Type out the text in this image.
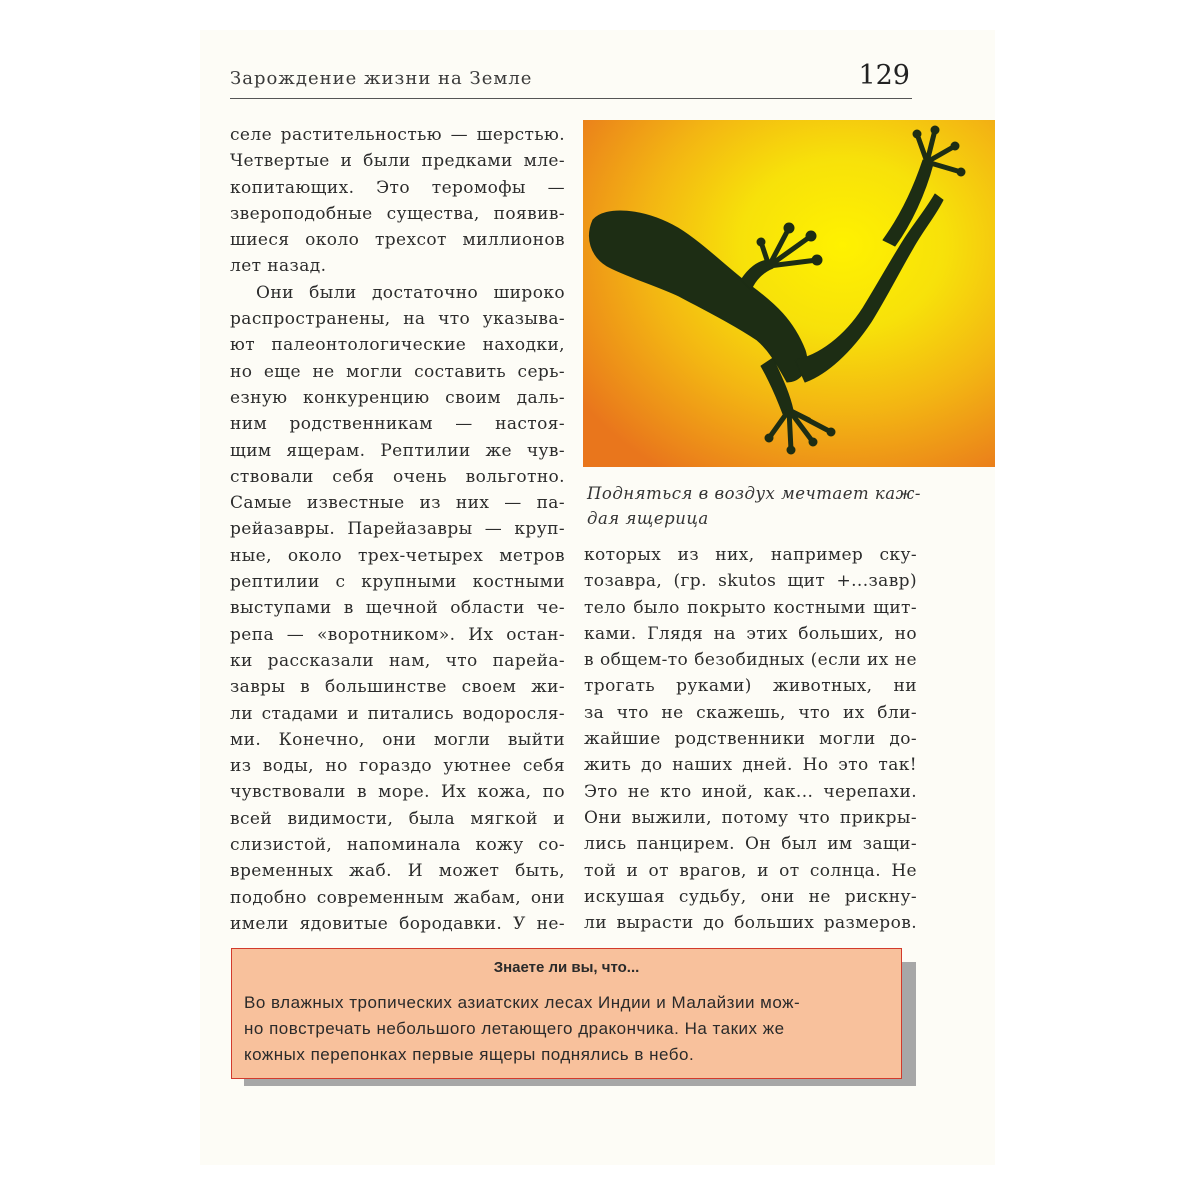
Зарождение жизни на Земле	129
селе растительностью — шерстью.
Четвертые и были предками мле-
копитающих. Это теромофы —
звероподобные существа, появив-
шиеся около трехсот миллионов
лет назад.
Они были достаточно широко
распространены, на что указыва-
ют палеонтологические находки,
но еще не могли составить серь-
езную конкуренцию своим даль-
ним родственникам — настоя-
щим ящерам. Рептилии же чув-
ствовали себя очень вольготно.
Самые известные из них — па-
рейазавры. Парейазавры — круп-
ные, около трех-четырех метров
рептилии с крупными костными
выступами в щечной области че-
репа — «воротником». Их остан-
ки рассказали нам, что парейа-
завры в большинстве своем жи-
ли стадами и питались водоросля-
ми. Конечно, они могли выйти
из воды, но гораздо уютнее себя
чувствовали в море. Их кожа, по
всей видимости, была мягкой и
слизистой, напоминала кожу со-
временных жаб. И может быть,
подобно современным жабам, они
имели ядовитые бородавки. У не-
Подняться в воздух мечтает каж-
дая ящерица
которых из них, например ску-
тозавра, (гр. skutos щит +...завр)
тело было покрыто костными щит-
ками. Глядя на этих больших, но
в общем-то безобидных (если их не
трогать руками) животных, ни
за что не скажешь, что их бли-
жайшие родственники могли до-
жить до наших дней. Но это так!
Это не кто иной, как... черепахи.
Они выжили, потому что прикры-
лись панцирем. Он был им защи-
той и от врагов, и от солнца. Не
искушая судьбу, они не рискну-
ли вырасти до больших размеров.
Знаете ли вы, что...
Во влажных тропических азиатских лесах Индии и Малайзии мож-
но повстречать небольшого летающего дракончика. На таких же
кожных перепонках первые ящеры поднялись в небо.
